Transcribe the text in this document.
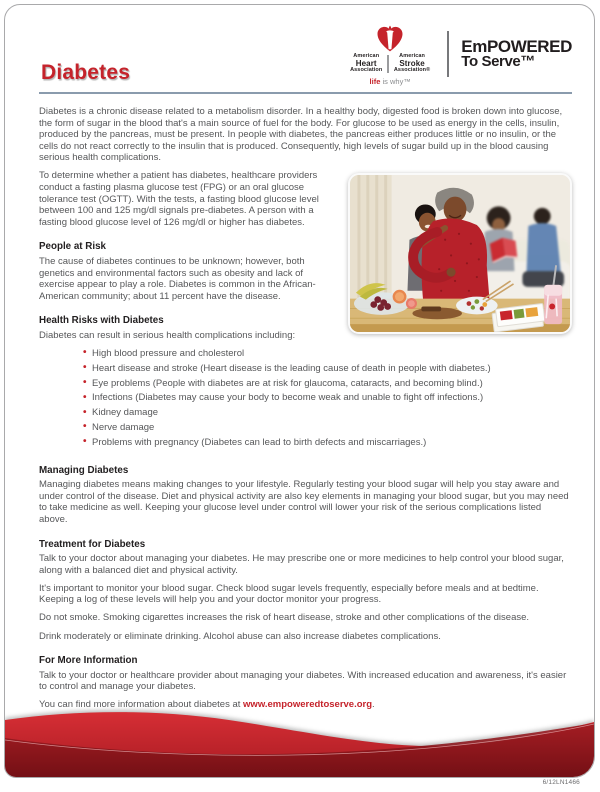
American
Heart
Association
American
Stroke
Association®
life is why™
EmPOWERED
To Serve™
Diabetes

Diabetes is a chronic disease related to a metabolism disorder. In a healthy body, digested food is broken down into glucose, the form of sugar in the blood that's a main source of fuel for the body. For glucose to be used as energy in the cells, insulin, produced by the pancreas, must be present. In people with diabetes, the pancreas either produces little or no insulin, or the cells do not react correctly to the insulin that is produced. Consequently, high levels of sugar build up in the blood causing serious health complications.

To determine whether a patient has diabetes, healthcare providers conduct a fasting plasma glucose test (FPG) or an oral glucose tolerance test (OGTT). With the tests, a fasting blood glucose level between 100 and 125 mg/dl signals pre-diabetes. A person with a fasting blood glucose level of 126 mg/dl or higher has diabetes.

People at Risk

The cause of diabetes continues to be unknown; however, both genetics and environmental factors such as obesity and lack of exercise appear to play a role. Diabetes is common in the African-American community; about 11 percent have the disease.

Health Risks with Diabetes

Diabetes can result in serious health complications including:

• High blood pressure and cholesterol
• Heart disease and stroke (Heart disease is the leading cause of death in people with diabetes.)
• Eye problems (People with diabetes are at risk for glaucoma, cataracts, and becoming blind.)
• Infections (Diabetes may cause your body to become weak and unable to fight off infections.)
• Kidney damage
• Nerve damage
• Problems with pregnancy (Diabetes can lead to birth defects and miscarriages.)
Managing Diabetes

Managing diabetes means making changes to your lifestyle. Regularly testing your blood sugar will help you stay aware and under control of the disease. Diet and physical activity are also key elements in managing your blood sugar, but you may need to take medicine as well. Keeping your glucose level under control will lower your risk of the serious complications listed above.

Treatment for Diabetes

Talk to your doctor about managing your diabetes. He may prescribe one or more medicines to help control your blood sugar, along with a balanced diet and physical activity.

It's important to monitor your blood sugar. Check blood sugar levels frequently, especially before meals and at bedtime. Keeping a log of these levels will help you and your doctor monitor your progress.

Do not smoke. Smoking cigarettes increases the risk of heart disease, stroke and other complications of the disease.

Drink moderately or eliminate drinking. Alcohol abuse can also increase diabetes complications.

For More Information

Talk to your doctor or healthcare provider about managing your diabetes. With increased education and awareness, it's easier to control and manage your diabetes.

You can find more information about diabetes at www.empoweredtoserve.org.

6/12LN1466
